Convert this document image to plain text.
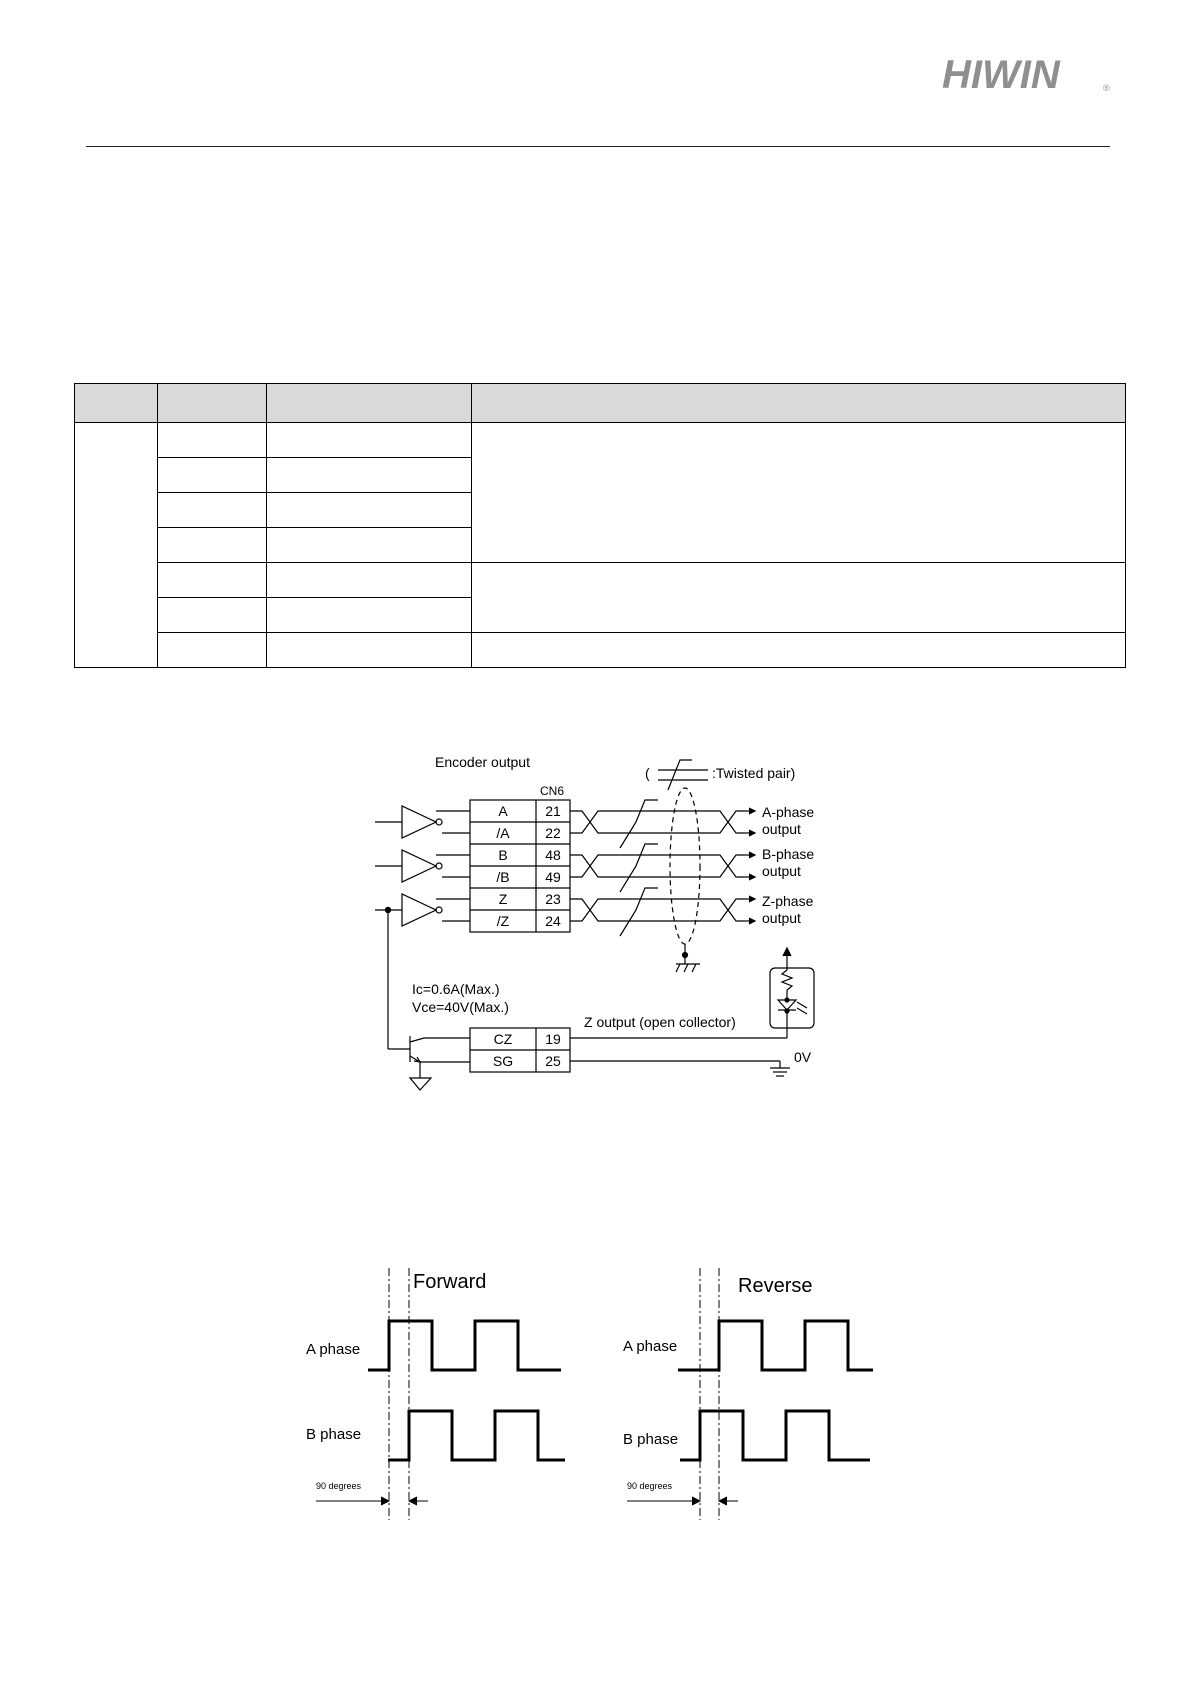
HIWIN	®

Encoder output
(	:Twisted pair)
CN6
A	21
/A	22
B	48
/B	49
Z	23
/Z	24
A-phase
output
B-phase
output
Z-phase
output
Ic=0.6A(Max.)
Vce=40V(Max.)
Z output (open collector)
0V
CZ 19
SG 25
Forward
A phase
B phase
90 degrees
Reverse
A phase
B phase
90 degrees
